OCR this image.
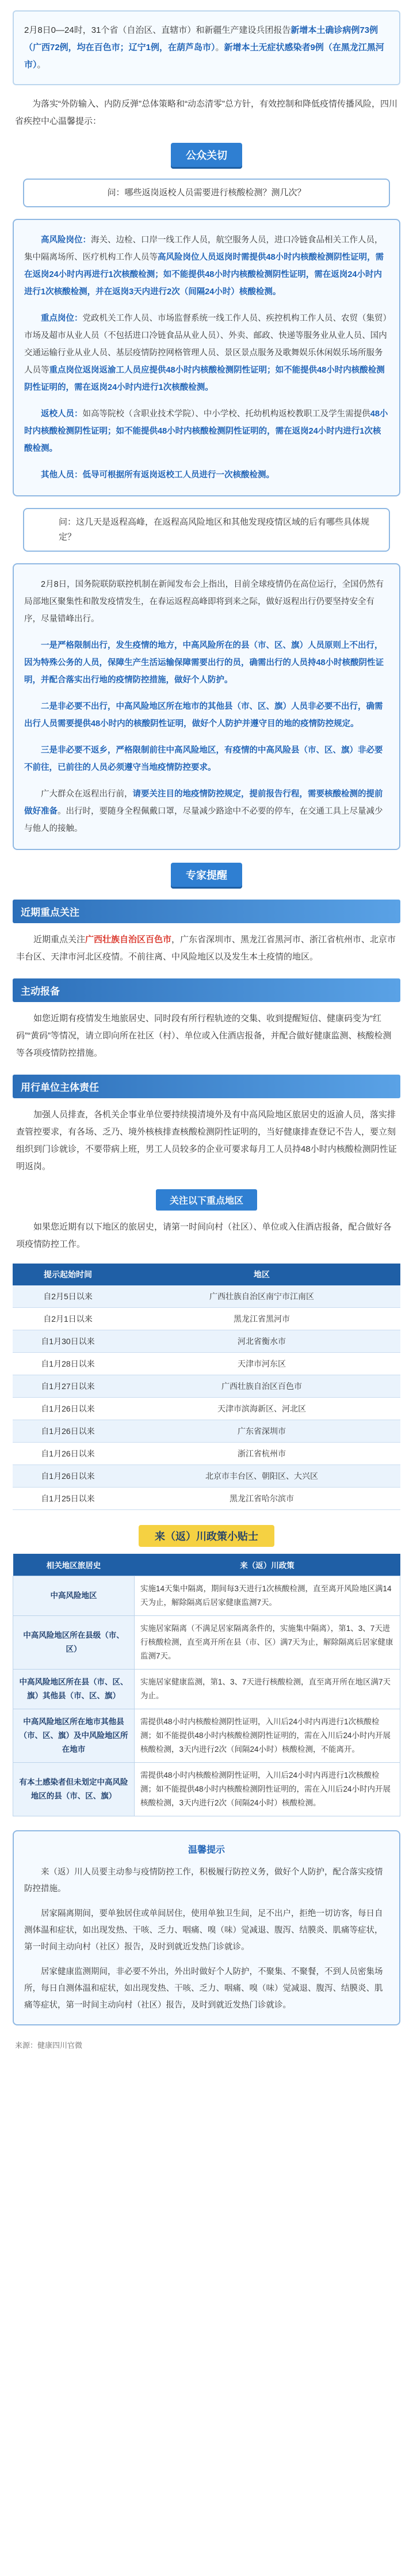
2月8日0—24时，31个省（自治区、直辖市）和新疆生产建设兵团报告新增本土确诊病例73例（广西72例，均在百色市；辽宁1例，在葫芦岛市）。新增本土无症状感染者9例（在黑龙江黑河市）。
为落实“外防输入、内防反弹”总体策略和“动态清零”总方针，有效控制和降低疫情传播风险，四川省疾控中心温馨提示：
公众关切
问：哪些返岗返校人员需要进行核酸检测？测几次？

高风险岗位：海关、边检、口岸一线工作人员，航空服务人员，进口冷链食品相关工作人员，集中隔离场所、医疗机构工作人员等高风险岗位人员返岗时需提供48小时内核酸检测阴性证明，需在返岗24小时内再进行1次核酸检测；如不能提供48小时内核酸检测阴性证明，需在返岗24小时内进行1次核酸检测，并在返岗3天内进行2次（间隔24小时）核酸检测。

重点岗位：党政机关工作人员、市场监督系统一线工作人员、疾控机构工作人员、农贸（集贸）市场及超市从业人员（不包括进口冷链食品从业人员）、外卖、邮政、快递等服务业从业人员、国内交通运输行业从业人员、基层疫情防控网格管理人员、景区景点服务及歌舞娱乐休闲娱乐场所服务人员等重点岗位返岗返渝工人员应提供48小时内核酸检测阴性证明；如不能提供48小时内核酸检测阴性证明的，需在返岗24小时内进行1次核酸检测。

返校人员：如高等院校（含职业技术学院）、中小学校、托幼机构返校教职工及学生需提供48小时内核酸检测阴性证明；如不能提供48小时内核酸检测阴性证明的，需在返岗24小时内进行1次核酸检测。

其他人员：低导可根据所有返岗返校工人员进行一次核酸检测。

问：这几天是返程高峰，在返程高风险地区和其他发现疫情区域的后有哪些具体规定？

2月8日，国务院联防联控机制在新闻发布会上指出，目前全球疫情仍在高位运行，全国仍然有局部地区聚集性和散发疫情发生，在春运返程高峰即将到来之际，做好返程出行仍要坚持安全有序，尽量错峰出行。

一是严格限制出行，发生疫情的地方，中高风险所在的县（市、区、旗）人员原则上不出行，因为特殊公务的人员，保障生产生活运输保障需要出行的员，确需出行的人员持48小时核酸阴性证明，并配合落实出行地的疫情防控措施，做好个人防护。

二是非必要不出行，中高风险地区所在地市的其他县（市、区、旗）人员非必要不出行，确需出行人员需要提供48小时内的核酸阴性证明，做好个人防护并遵守目的地的疫情防控规定。

三是非必要不返乡，严格限制前往中高风险地区，有疫情的中高风险县（市、区、旗）非必要不前往，已前往的人员必须遵守当地疫情防控要求。

广大群众在返程出行前，请要关注目的地疫情防控规定，提前报告行程，需要核酸检测的提前做好准备。出行时，要随身全程佩戴口罩，尽量减少路途中不必要的停车，在交通工具上尽量减少与他人的接触。

专家提醒
近期重点关注
近期重点关注广西壮族自治区百色市，广东省深圳市、黑龙江省黑河市、浙江省杭州市、北京市丰台区、天津市河北区疫情。不前往离、中风险地区以及发生本土疫情的地区。
主动报备
如您近期有疫情发生地旅居史、同时段有所行程轨迹的交集、收到提醒短信、健康码变为“红码”“黄码”等情况，请立即向所在社区（村）、单位或入住酒店报备，并配合做好健康监测、核酸检测等各项疫情防控措施。
用行单位主体责任
加强人员排查，各机关企事业单位要持续摸清境外及有中高风险地区旅居史的返渝人员，落实排查管控要求，有各场、乏乃、境外核核排查核酸检测阴性证明的，当好健康排查登记不告人，要立刻组织到门诊就诊，不要带病上班，男工人员较多的企业可要求每月工人员持48小时内核酸检测阴性证明返岗。
关注以下重点地区
如果您近期有以下地区的旅居史，请第一时间向村（社区）、单位或入住酒店报备，配合做好各项疫情防控工作。
提示起始时间	地区
自2月5日以来	广西壮族自治区南宁市江南区
自2月1日以来	黑龙江省黑河市
自1月30日以来	河北省衡水市
自1月28日以来	天津市河东区
自1月27日以来	广西壮族自治区百色市
自1月26日以来	天津市滨海新区、河北区
自1月26日以来	广东省深圳市
自1月26日以来	浙江省杭州市
自1月26日以来	北京市丰台区、朝阳区、大兴区
自1月25日以来	黑龙江省哈尔滨市
来（返）川政策小贴士
相关地区旅居史	来（返）川政策
中高风险地区	实施14天集中隔离，期间每3天进行1次核酸检测，直至离开风险地区满14天为止，解除隔离后居家健康监测7天。
中高风险地区所在县级（市、区）	实施居家隔离（不满足居家隔离条件的，实施集中隔离），第1、3、7天进行核酸检测，直至离开所在县（市、区）满7天为止，解除隔离后居家健康监测7天。
中高风险地区所在县（市、区、旗）其他县（市、区、旗）	实施居家健康监测，第1、3、7天进行核酸检测，直至离开所在地区满7天为止。
中高风险地区所在地市其他县（市、区、旗）及中风险地区所在地市	需提供48小时内核酸检测阴性证明，入川后24小时内再进行1次核酸检测；如不能提供48小时内核酸检测阴性证明的，需在入川后24小时内开展核酸检测，3天内进行2次（间隔24小时）核酸检测，不能离开。
有本土感染者但未划定中高风险地区的县（市、区、旗）	需提供48小时内核酸检测阴性证明，入川后24小时内再进行1次核酸检测；如不能提供48小时内核酸检测阴性证明的，需在入川后24小时内开展核酸检测，3天内进行2次（间隔24小时）核酸检测。
温馨提示

来（返）川人员要主动参与疫情防控工作，积极履行防控义务，做好个人防护，配合落实疫情防控措施。

居家隔离期间，要单独居住或单间居住，使用单独卫生间，足不出户，拒绝一切访客，每日自测体温和症状，如出现发热、干咳、乏力、咽痛、嗅（味）觉减退、腹泻、结膜炎、肌痛等症状，第一时间主动向村（社区）报告，及时到就近发热门诊就诊。

居家健康监测期间，非必要不外出，外出时做好个人防护，不聚集、不聚餐，不到人员密集场所，每日自测体温和症状，如出现发热、干咳、乏力、咽痛、嗅（味）觉减退、腹泻、结膜炎、肌痛等症状，第一时间主动向村（社区）报告，及时到就近发热门诊就诊。

来源：健康四川官微
